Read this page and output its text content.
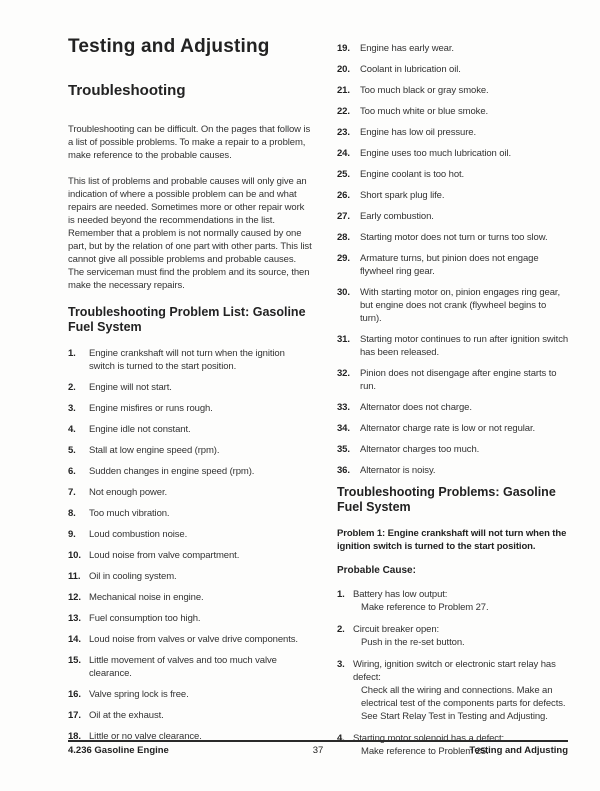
Testing and Adjusting
Troubleshooting

Troubleshooting can be difficult. On the pages that follow is a list of possible problems. To make a repair to a problem, make reference to the probable causes.

This list of problems and probable causes will only give an indication of where a possible problem can be and what repairs are needed. Sometimes more or other repair work is needed beyond the recommendations in the list. Remember that a problem is not normally caused by one part, but by the relation of one part with other parts. This list cannot give all possible problems and probable causes. The serviceman must find the problem and its source, then make the necessary repairs.

Troubleshooting Problem List: Gasoline Fuel System
1.	Engine crankshaft will not turn when the ignition switch is turned to the start position.
2.	Engine will not start.
3.	Engine misfires or runs rough.
4.	Engine idle not constant.
5.	Stall at low engine speed (rpm).
6.	Sudden changes in engine speed (rpm).
7.	Not enough power.
8.	Too much vibration.
9.	Loud combustion noise.
10. Loud noise from valve compartment.
11. Oil in cooling system.
12. Mechanical noise in engine.
13. Fuel consumption too high.
14. Loud noise from valves or valve drive components.
15. Little movement of valves and too much valve clearance.
16. Valve spring lock is free.
17. Oil at the exhaust.
18. Little or no valve clearance.
19.	Engine has early wear.
20.	Coolant in lubrication oil.
21.	Too much black or gray smoke.
22.	Too much white or blue smoke.
23.	Engine has low oil pressure.
24.	Engine uses too much lubrication oil.
25.	Engine coolant is too hot.
26.	Short spark plug life.
27.	Early combustion.
28.	Starting motor does not turn or turns too slow.
29.	Armature turns, but pinion does not engage flywheel ring gear.
30.	With starting motor on, pinion engages ring gear, but engine does not crank (flywheel begins to turn).
31.	Starting motor continues to run after ignition switch has been released.
32.	Pinion does not disengage after engine starts to run.
33.	Alternator does not charge.
34.	Alternator charge rate is low or not regular.
35.	Alternator charges too much.
36.	Alternator is noisy.
Troubleshooting Problems: Gasoline Fuel System

Problem 1: Engine crankshaft will not turn when the ignition switch is turned to the start position.

Probable Cause:

1. Battery has low output:
Make reference to Problem 27.
2. Circuit breaker open:
Push in the re-set button.
3. Wiring, ignition switch or electronic start relay has defect:
Check all the wiring and connections. Make an electrical test of the components parts for defects. See Start Relay Test in Testing and Adjusting.
4. Starting motor solenoid has a defect:
Make reference to Problem 25.
4.236 Gasoline Engine	37	Testing and Adjusting
